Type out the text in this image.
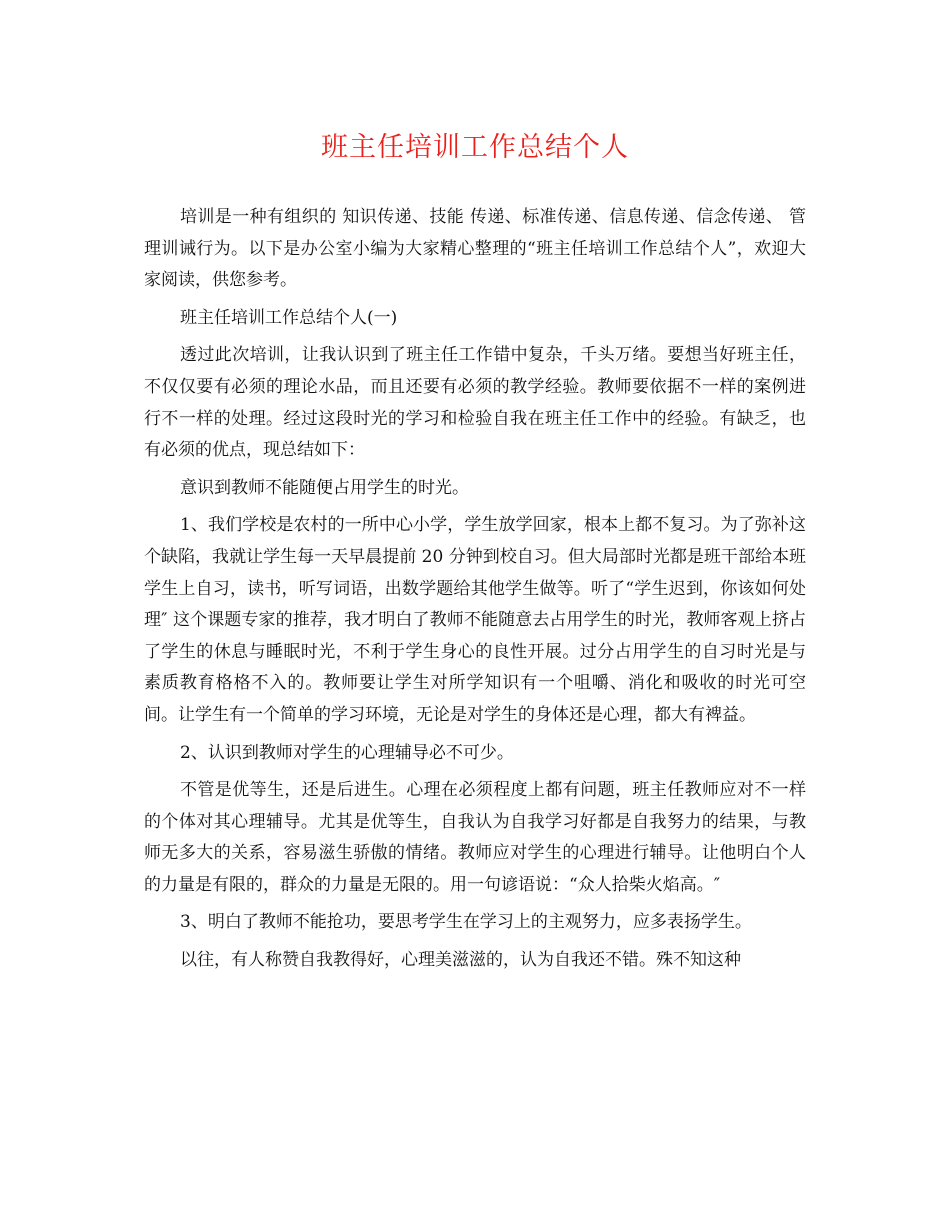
班主任培训工作总结个人

培训是一种有组织的 知识传递、技能 传递、标准传递、信息传递、信念传递、 管理训诫行为。以下是办公室小编为大家精心整理的“班主任培训工作总结个人”，欢迎大家阅读，供您参考。

班主任培训工作总结个人(一)

透过此次培训，让我认识到了班主任工作错中复杂，千头万绪。要想当好班主任，不仅仅要有必须的理论水品，而且还要有必须的教学经验。教师要依据不一样的案例进行不一样的处理。经过这段时光的学习和检验自我在班主任工作中的经验。有缺乏，也有必须的优点，现总结如下：

意识到教师不能随便占用学生的时光。

1、我们学校是农村的一所中心小学，学生放学回家，根本上都不复习。为了弥补这个缺陷，我就让学生每一天早晨提前 20 分钟到校自习。但大局部时光都是班干部给本班学生上自习，读书，听写词语，出数学题给其他学生做等。听了“学生迟到，你该如何处理″ 这个课题专家的推荐，我才明白了教师不能随意去占用学生的时光，教师客观上挤占了学生的休息与睡眠时光，不利于学生身心的良性开展。过分占用学生的自习时光是与素质教育格格不入的。教师要让学生对所学知识有一个咀嚼、消化和吸收的时光可空间。让学生有一个简单的学习环境，无论是对学生的身体还是心理，都大有裨益。

2、认识到教师对学生的心理辅导必不可少。

不管是优等生，还是后进生。心理在必须程度上都有问题，班主任教师应对不一样的个体对其心理辅导。尤其是优等生，自我认为自我学习好都是自我努力的结果，与教师无多大的关系，容易滋生骄傲的情绪。教师应对学生的心理进行辅导。让他明白个人的力量是有限的，群众的力量是无限的。用一句谚语说：“众人拾柴火焰高。″

3、明白了教师不能抢功，要思考学生在学习上的主观努力，应多表扬学生。

以往，有人称赞自我教得好，心理美滋滋的，认为自我还不错。殊不知这种
